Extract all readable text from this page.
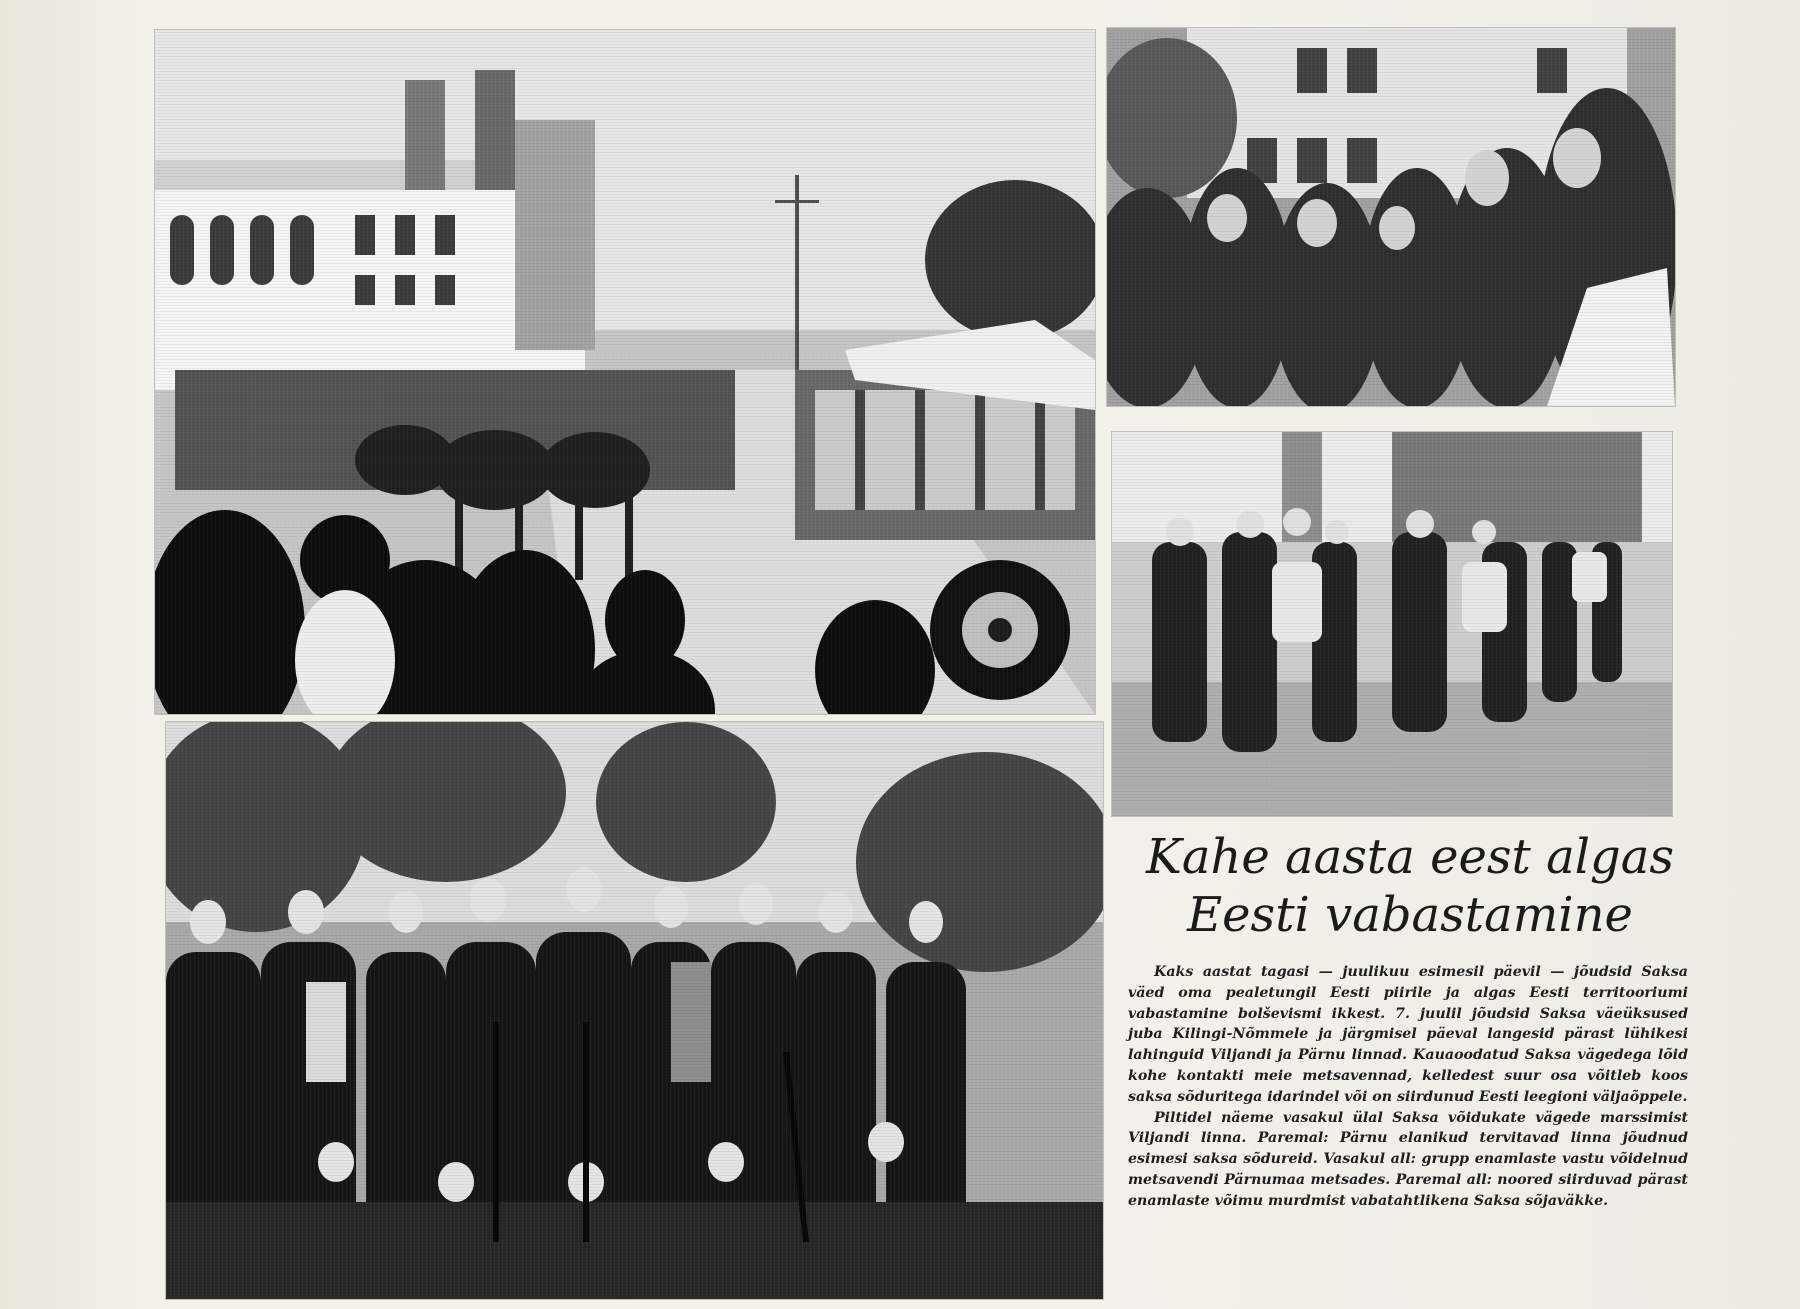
Kahe aasta eest algas
Eesti vabastamine

Kaks aastat tagasi — juulikuu esimesil päevil — jõudsid Saksa väed oma pealetungil Eesti piirile ja algas Eesti territooriumi vabastamine bolševismi ikkest. 7. juulil jõudsid Saksa väeüksused juba Kilingi-Nõmmele ja järgmisel päeval langesid pärast lühikesi lahinguid Viljandi ja Pärnu linnad. Kauaoodatud Saksa vägedega lõid kohe kontakti meie metsavennad, kelledest suur osa võitleb koos saksa sõduritega idarindel või on siirdunud Eesti leegioni väljaõppele.

Piltidel näeme vasakul ülal Saksa võidukate vägede marssimist Viljandi linna. Paremal: Pärnu elanikud tervitavad linna jõudnud esimesi saksa sõdureid. Vasakul all: grupp enamlaste vastu võidelnud metsavendi Pärnumaa metsades. Paremal all: noored siirduvad pärast enamlaste võimu murdmist vabatahtlikena Saksa sõjaväkke.
